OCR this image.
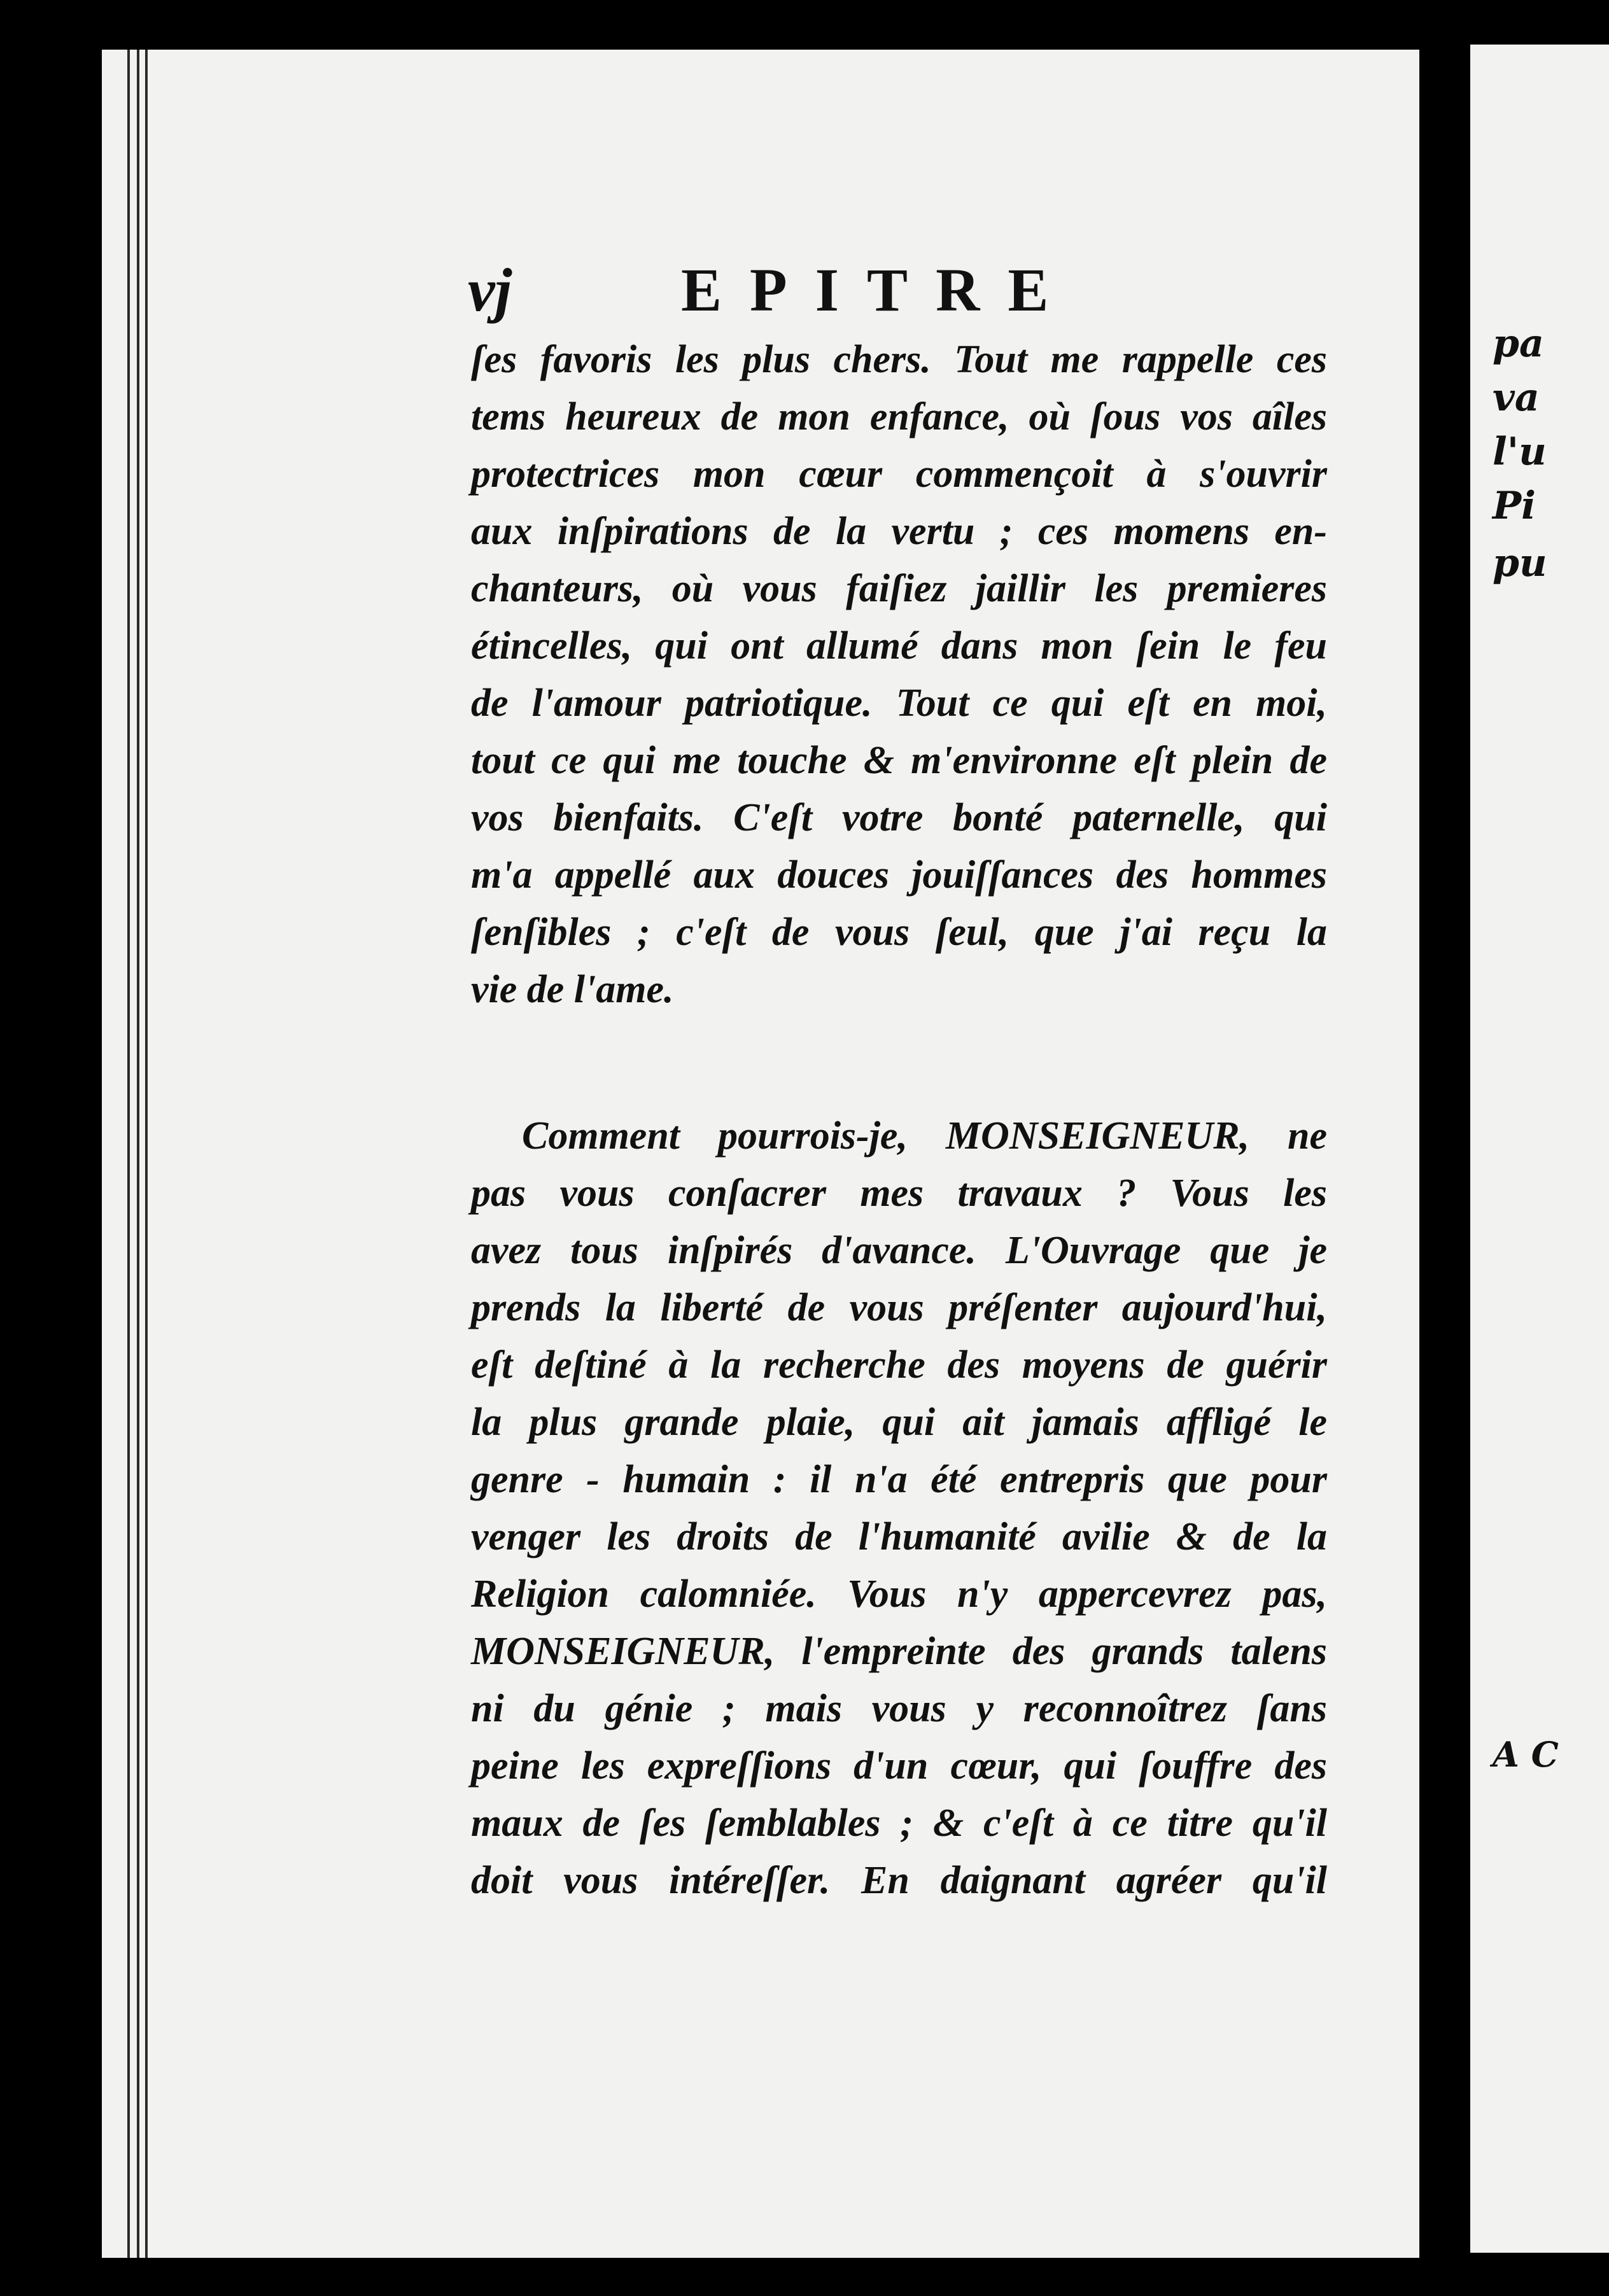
pa
va
l'u
Pi
pu
A C
vj	EPITRE
ſes favoris les plus chers. Tout me rappelle ces
tems heureux de mon enfance, où ſous vos aîles
protectrices mon cœur commençoit à s'ouvrir
aux inſpirations de la vertu ; ces momens en-
chanteurs, où vous faiſiez jaillir les premieres
étincelles, qui ont allumé dans mon ſein le feu
de l'amour patriotique. Tout ce qui eſt en moi,
tout ce qui me touche & m'environne eſt plein de
vos bienfaits. C'eſt votre bonté paternelle, qui
m'a appellé aux douces jouiſſances des hommes
ſenſibles ; c'eſt de vous ſeul, que j'ai reçu la
vie de l'ame.
Comment pourrois-je, MONSEIGNEUR, ne
pas vous conſacrer mes travaux ? Vous les
avez tous inſpirés d'avance. L'Ouvrage que je
prends la liberté de vous préſenter aujourd'hui,
eſt deſtiné à la recherche des moyens de guérir
la plus grande plaie, qui ait jamais affligé le
genre - humain : il n'a été entrepris que pour
venger les droits de l'humanité avilie & de la
Religion calomniée. Vous n'y appercevrez pas,
MONSEIGNEUR, l'empreinte des grands talens
ni du génie ; mais vous y reconnoîtrez ſans
peine les expreſſions d'un cœur, qui ſouffre des
maux de ſes ſemblables ; & c'eſt à ce titre qu'il
doit vous intéreſſer. En daignant agréer qu'il
